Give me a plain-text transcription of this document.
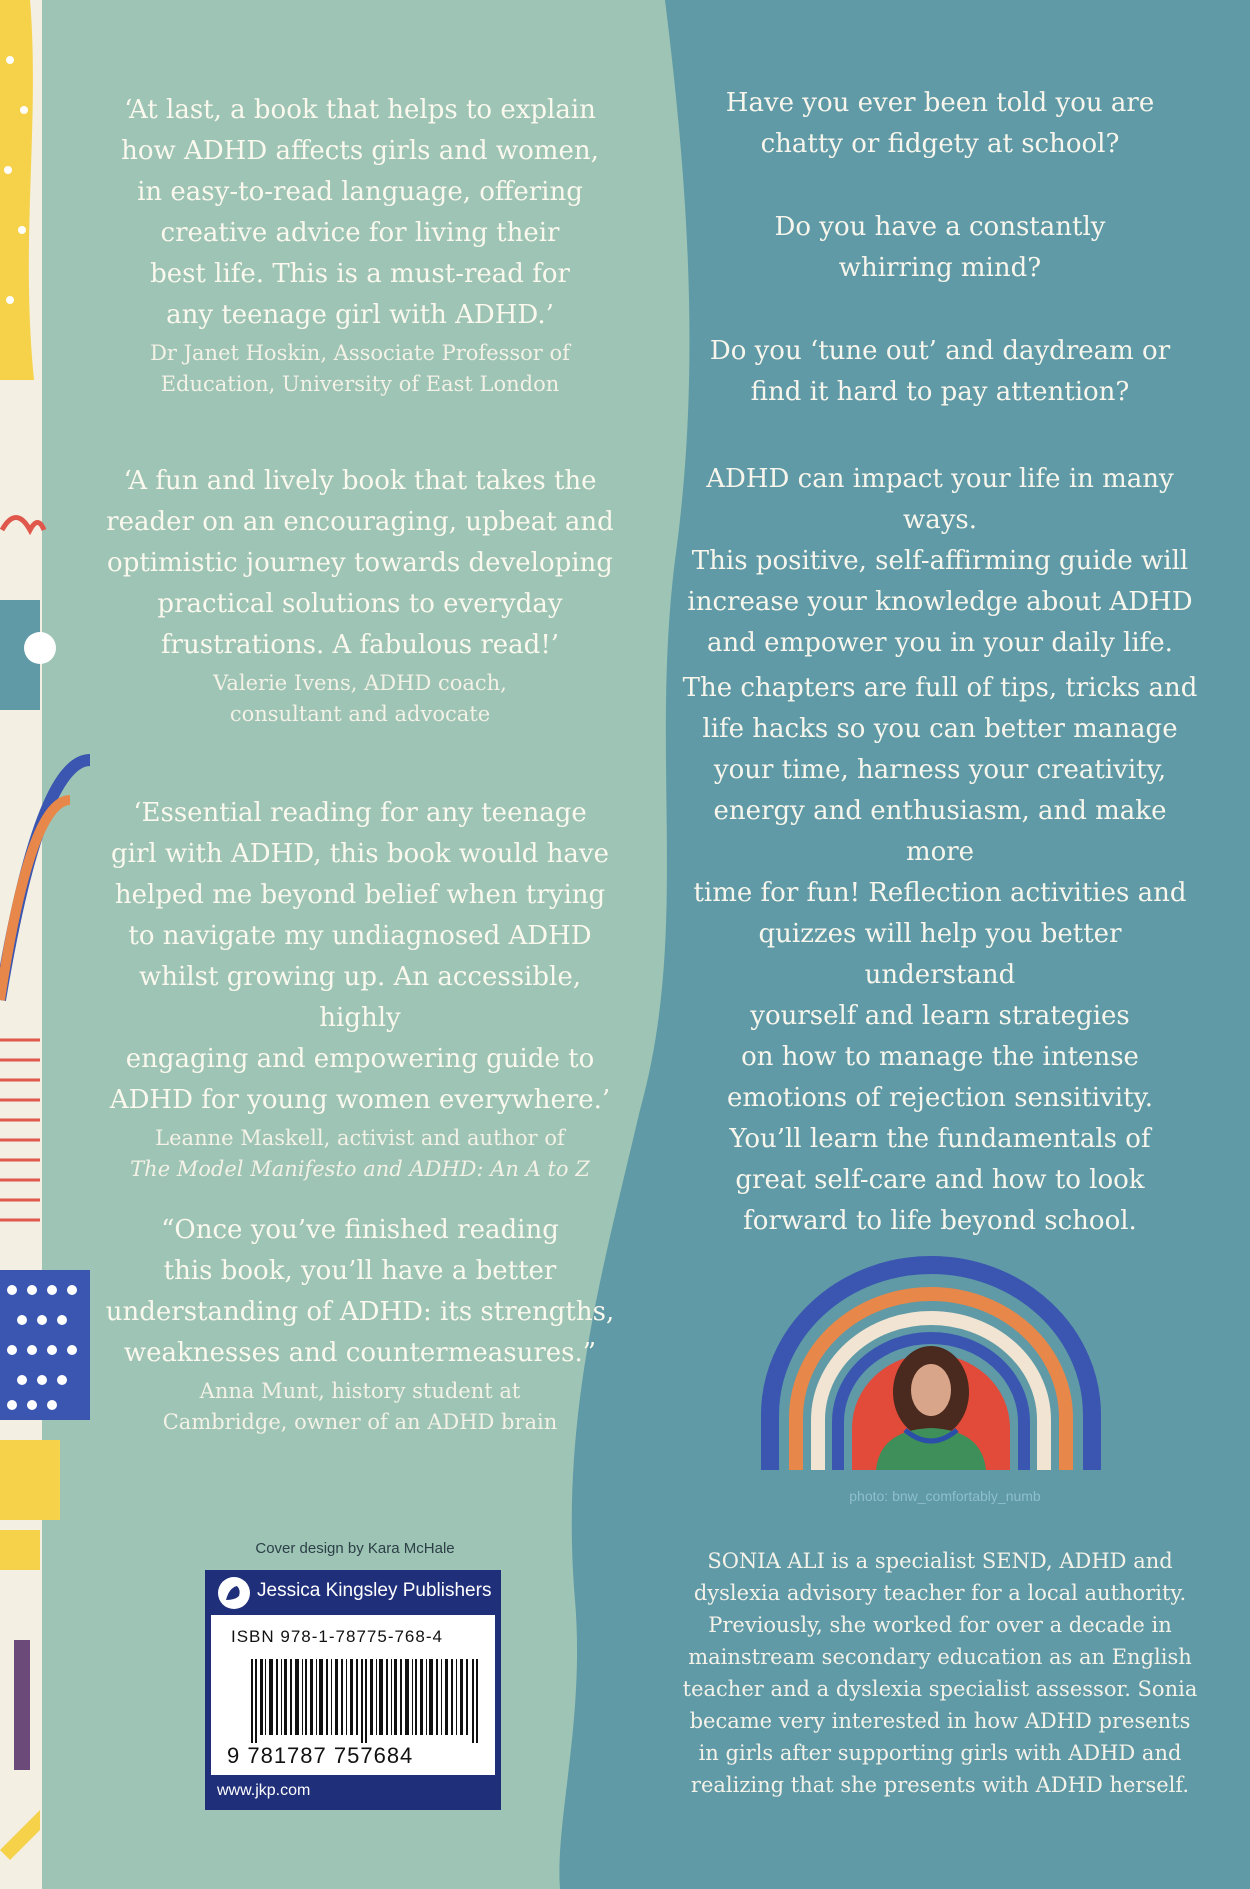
‘At last, a book that helps to explain
how ADHD affects girls and women,
in easy-to-read language, offering
creative advice for living their
best life. This is a must-read for
any teenage girl with ADHD.’
Dr Janet Hoskin, Associate Professor of
Education, University of East London
‘A fun and lively book that takes the
reader on an encouraging, upbeat and
optimistic journey towards developing
practical solutions to everyday
frustrations. A fabulous read!’
Valerie Ivens, ADHD coach,
consultant and advocate
‘Essential reading for any teenage
girl with ADHD, this book would have
helped me beyond belief when trying
to navigate my undiagnosed ADHD
whilst growing up. An accessible, highly
engaging and empowering guide to
ADHD for young women everywhere.’
Leanne Maskell, activist and author of
The Model Manifesto and ADHD: An A to Z
“Once you’ve finished reading
this book, you’ll have a better
understanding of ADHD: its strengths,
weaknesses and countermeasures.”
Anna Munt, history student at
Cambridge, owner of an ADHD brain

Have you ever been told you are

chatty or fidgety at school?

Do you have a constantly

whirring mind?

Do you ‘tune out’ and daydream or

find it hard to pay attention?

ADHD can impact your life in many ways.

This positive, self-affirming guide will

increase your knowledge about ADHD

and empower you in your daily life.

The chapters are full of tips, tricks and

life hacks so you can better manage

your time, harness your creativity,

energy and enthusiasm, and make more

time for fun! Reflection activities and

quizzes will help you better understand

yourself and learn strategies

on how to manage the intense

emotions of rejection sensitivity.

You’ll learn the fundamentals of

great self-care and how to look

forward to life beyond school.

photo: bnw_comfortably_numb
SONIA ALI is a specialist SEND, ADHD and
dyslexia advisory teacher for a local authority.
Previously, she worked for over a decade in
mainstream secondary education as an English
teacher and a dyslexia specialist assessor. Sonia
became very interested in how ADHD presents
in girls after supporting girls with ADHD and
realizing that she presents with ADHD herself.
Cover design by Kara McHale
Jessica Kingsley Publishers
ISBN 978-1-78775-768-4
9 781787 757684
www.jkp.com
